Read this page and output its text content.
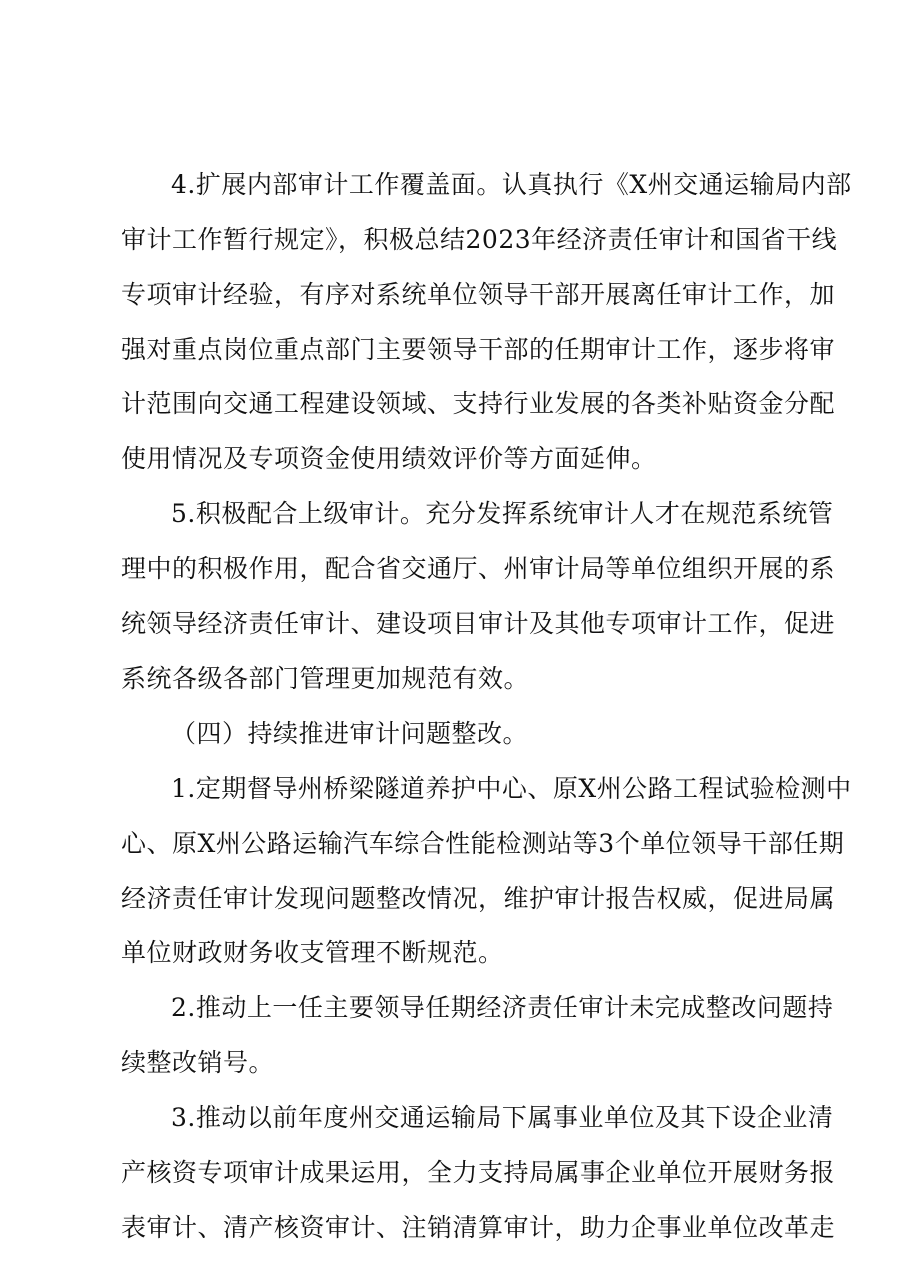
4.扩展内部审计工作覆盖面。认真执行《X州交通运输局内部
审计工作暂行规定》，积极总结2023年经济责任审计和国省干线
专项审计经验，有序对系统单位领导干部开展离任审计工作，加
强对重点岗位重点部门主要领导干部的任期审计工作，逐步将审
计范围向交通工程建设领域、支持行业发展的各类补贴资金分配
使用情况及专项资金使用绩效评价等方面延伸。
5.积极配合上级审计。充分发挥系统审计人才在规范系统管
理中的积极作用，配合省交通厅、州审计局等单位组织开展的系
统领导经济责任审计、建设项目审计及其他专项审计工作，促进
系统各级各部门管理更加规范有效。
（四）持续推进审计问题整改。
1.定期督导州桥梁隧道养护中心、原X州公路工程试验检测中
心、原X州公路运输汽车综合性能检测站等3个单位领导干部任期
经济责任审计发现问题整改情况，维护审计报告权威，促进局属
单位财政财务收支管理不断规范。
2.推动上一任主要领导任期经济责任审计未完成整改问题持
续整改销号。
3.推动以前年度州交通运输局下属事业单位及其下设企业清
产核资专项审计成果运用，全力支持局属事企业单位开展财务报
表审计、清产核资审计、注销清算审计，助力企事业单位改革走
